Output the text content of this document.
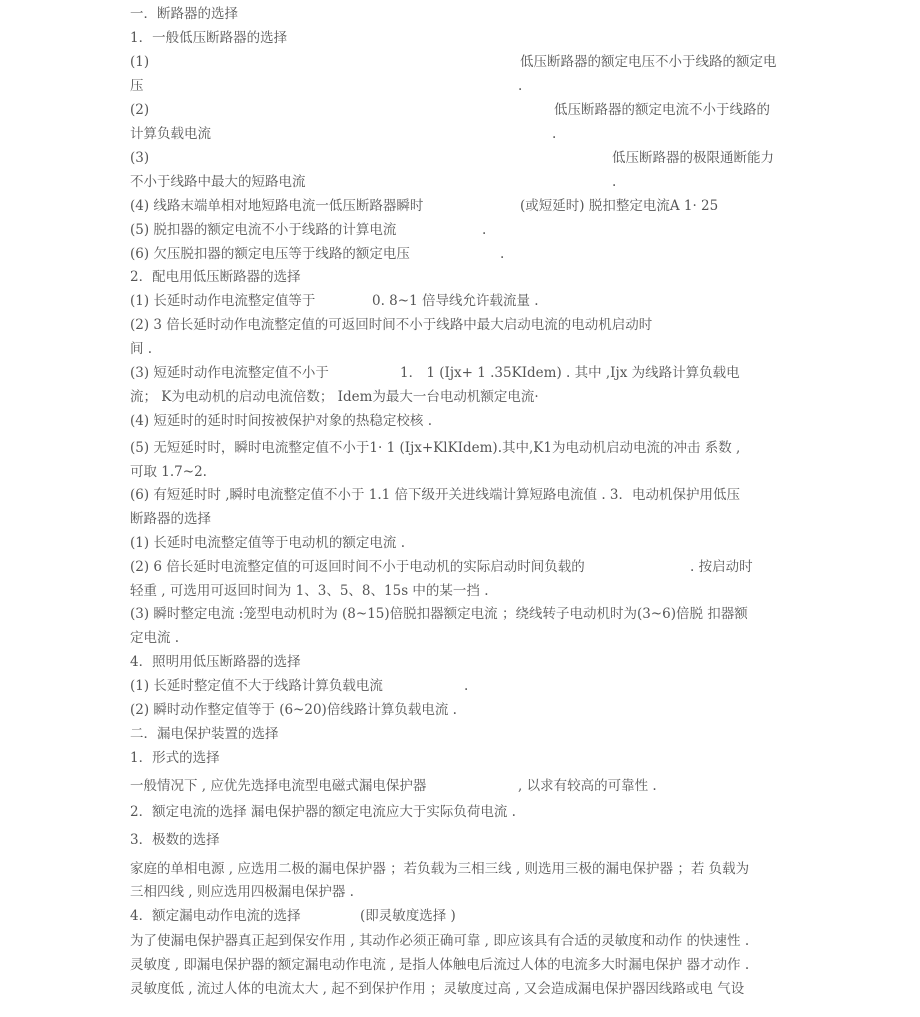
一．断路器的选择
1．一般低压断路器的选择
(1)	低压断路器的额定电压不小于线路的额定电
压	.
(2)	低压断路器的额定电流不小于线路的
计算负载电流	.
(3)	低压断路器的极限通断能力
不小于线路中最大的短路电流	.
(4) 线路末端单相对地短路电流一低压断路器瞬时	(或短延时) 脱扣整定电流A 1· 25
(5) 脱扣器的额定电流不小于线路的计算电流	.
(6) 欠压脱扣器的额定电压等于线路的额定电压	.
2．配电用低压断路器的选择
(1) 长延时动作电流整定值等于	0. 8~1 倍导线允许载流量 .
(2) 3 倍长延时动作电流整定值的可返回时间不小于线路中最大启动电流的电动机启动时
间 .
(3) 短延时动作电流整定值不小于	1． 1 (Ijx+ 1 .35KIdem) . 其中 ,Ijx 为线路计算负载电
流； K为电动机的启动电流倍数； Idem为最大一台电动机额定电流·
(4) 短延时的延时时间按被保护对象的热稳定校核 .
(5) 无短延时时，瞬时电流整定值不小于1· 1 (Ijx+KlKIdem).其中,K1为电动机启动电流的冲击 系数 ,
可取 1.7~2.
(6) 有短延时时 ,瞬时电流整定值不小于 1.1 倍下级开关进线端计算短路电流值 . 3．电动机保护用低压
断路器的选择
(1) 长延时电流整定值等于电动机的额定电流 .
(2) 6 倍长延时电流整定值的可返回时间不小于电动机的实际启动时间负载的	. 按启动时
轻重 , 可选用可返回时间为 1、3、5、8、15s 中的某一挡 .
(3) 瞬时整定电流 :笼型电动机时为 (8~15)倍脱扣器额定电流 ；绕线转子电动机时为(3~6)倍脱 扣器额
定电流 .
4．照明用低压断路器的选择
(1) 长延时整定值不大于线路计算负载电流	.
(2) 瞬时动作整定值等于 (6~20)倍线路计算负载电流 .
二．漏电保护装置的选择
1．形式的选择
一般情况下 , 应优先选择电流型电磁式漏电保护器	, 以求有较高的可靠性 .
2．额定电流的选择 漏电保护器的额定电流应大于实际负荷电流 .
3．极数的选择
家庭的单相电源 , 应选用二极的漏电保护器 ；若负载为三相三线 , 则选用三极的漏电保护器 ；若 负载为
三相四线 , 则应选用四极漏电保护器 .
4．额定漏电动作电流的选择	(即灵敏度选择 )
为了使漏电保护器真正起到保安作用 , 其动作必须正确可靠 , 即应该具有合适的灵敏度和动作 的快速性 .
灵敏度 , 即漏电保护器的额定漏电动作电流 , 是指人体触电后流过人体的电流多大时漏电保护 器才动作 .
灵敏度低 , 流过人体的电流太大 , 起不到保护作用 ；灵敏度过高 , 又会造成漏电保护器因线路或电 气设
